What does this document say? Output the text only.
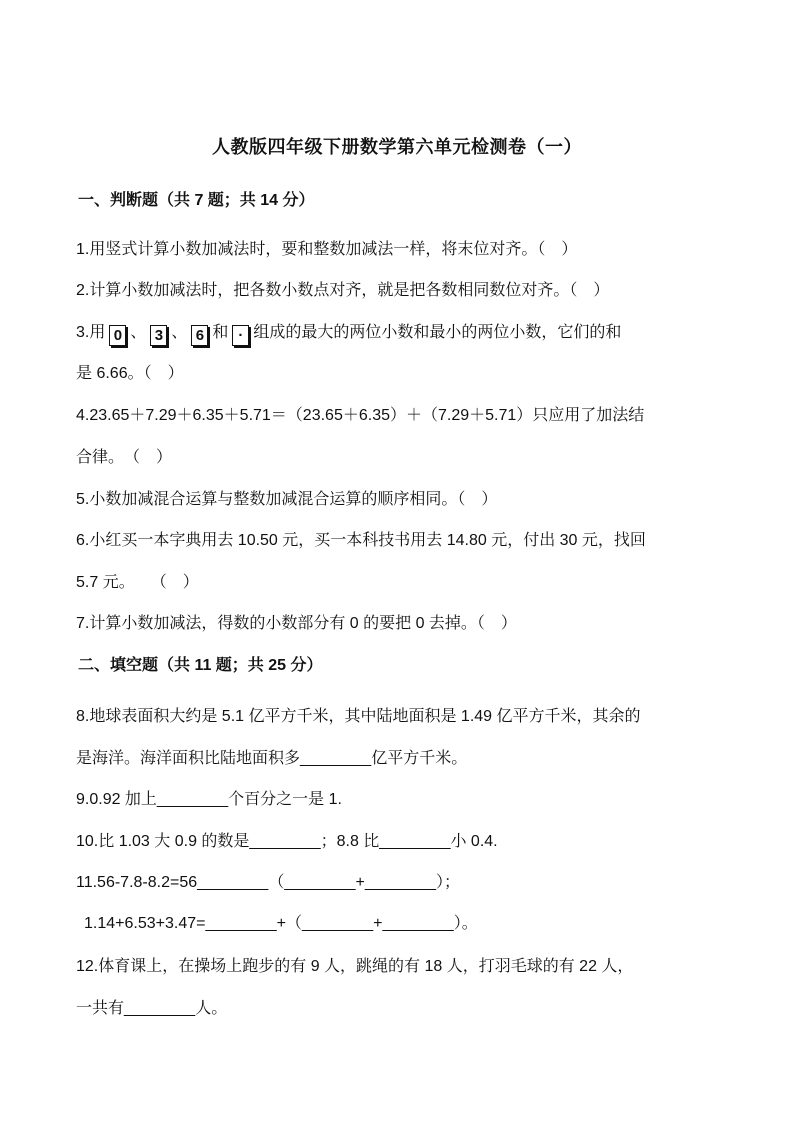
人教版四年级下册数学第六单元检测卷（一）
一、判断题（共 7 题；共 14 分）
1.用竖式计算小数加减法时，要和整数加减法一样，将末位对齐。（　）
2.计算小数加减法时，把各数小数点对齐，就是把各数相同数位对齐。（　）
3.用 0 、 3 、 6 和 · 组成的最大的两位小数和最小的两位小数，它们的和
是 6.66。（　）
4.23.65＋7.29＋6.35＋5.71＝（23.65＋6.35）＋（7.29＋5.71）只应用了加法结
合律。　（　）
5.小数加减混合运算与整数加减混合运算的顺序相同。（　）
6.小红买一本字典用去 10.50 元，买一本科技书用去 14.80 元，付出 30 元，找回
5.7 元。　　（　）
7.计算小数加减法，得数的小数部分有 0 的要把 0 去掉。（　）
二、填空题（共 11 题；共 25 分）
8.地球表面积大约是 5.1 亿平方千米，其中陆地面积是 1.49 亿平方千米，其余的
是海洋。海洋面积比陆地面积多________亿平方千米。
9.0.92 加上________个百分之一是 1.
10.比 1.03 大 0.9 的数是________；8.8 比________小 0.4.
11.56-7.8-8.2=56________（________+________）；
1.14+6.53+3.47=________+（________+________）。
12.体育课上，在操场上跑步的有 9 人，跳绳的有 18 人，打羽毛球的有 22 人，
一共有________人。
